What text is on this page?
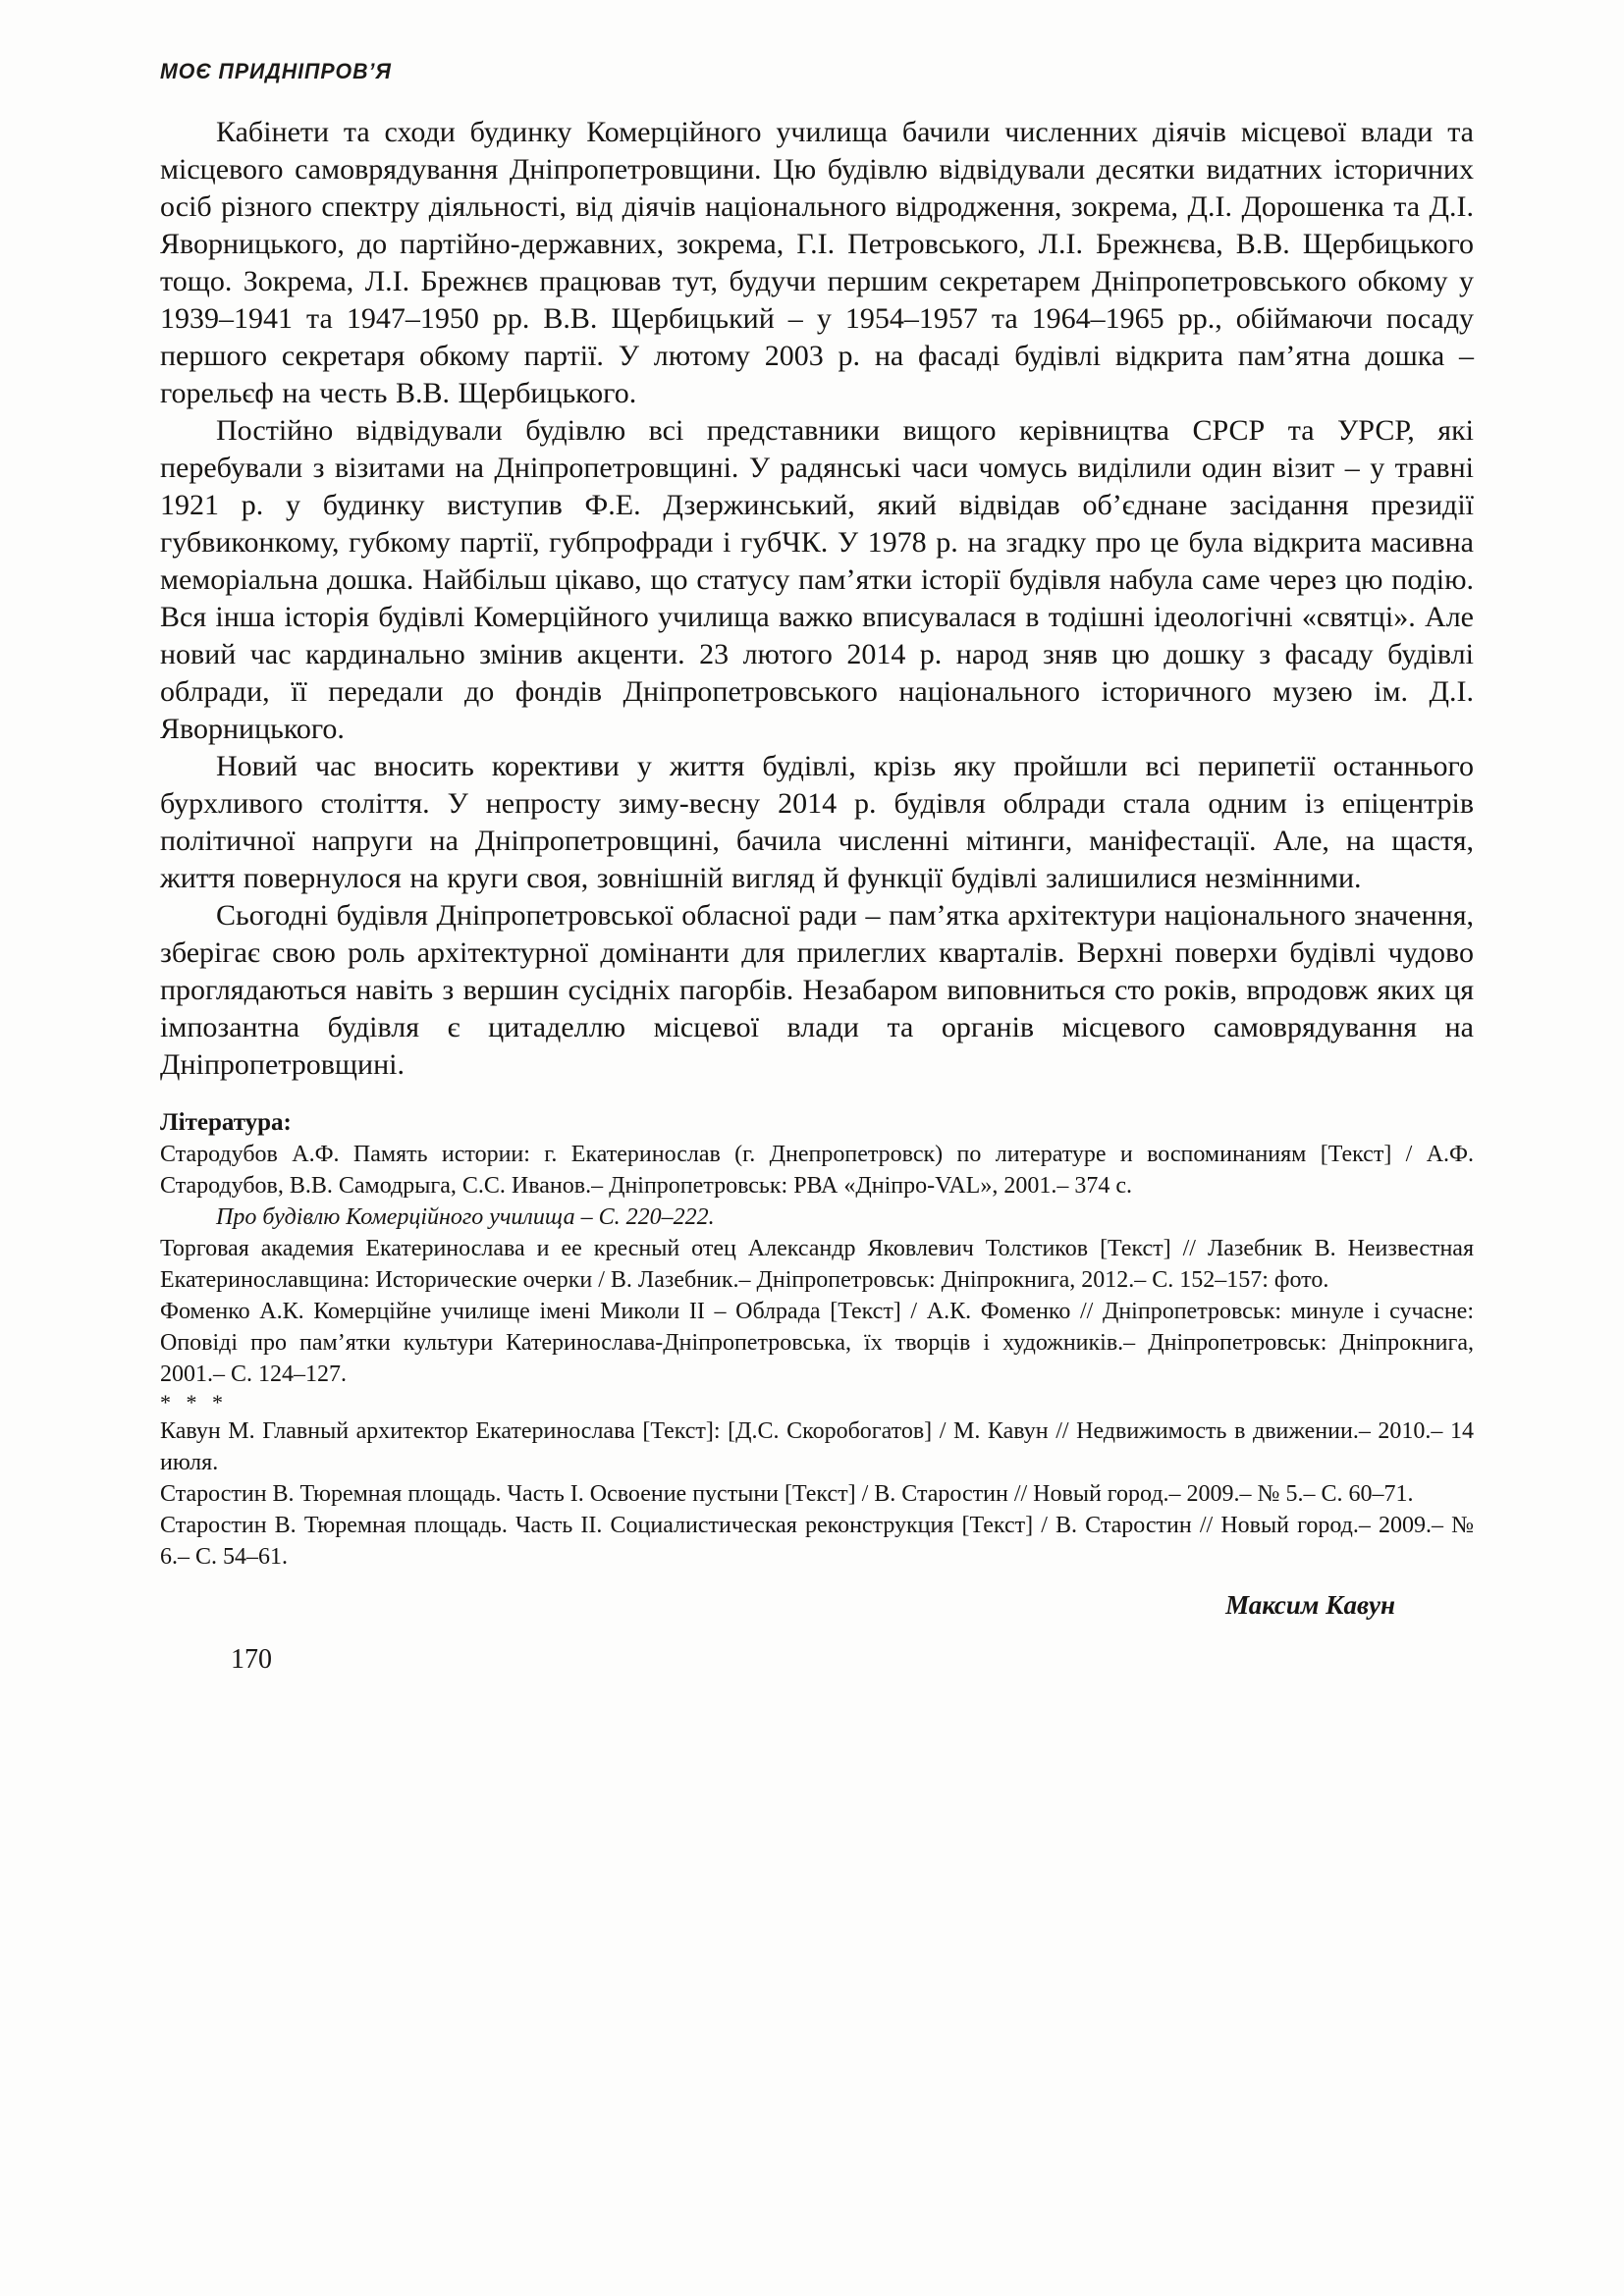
МОЄ ПРИДНІПРОВ’Я

Кабінети та сходи будинку Комерційного училища бачили численних діячів місцевої влади та місцевого самоврядування Дніпропетровщини. Цю будівлю відвідували десятки видатних історичних осіб різного спектру діяльності, від діячів національного відродження, зокрема, Д.І. Дорошенка та Д.І. Яворницького, до партійно-державних, зокрема, Г.І. Петровського, Л.І. Брежнєва, В.В. Щербицького тощо. Зокрема, Л.І. Брежнєв працював тут, будучи першим секретарем Дніпропетровського обкому у 1939–1941 та 1947–1950 рр. В.В. Щербицький – у 1954–1957 та 1964–1965 рр., обіймаючи посаду першого секретаря обкому партії. У лютому 2003 р. на фасаді будівлі відкрита пам’ятна дошка – горельєф на честь В.В. Щербицького.

Постійно відвідували будівлю всі представники вищого керівництва СРСР та УРСР, які перебували з візитами на Дніпропетровщині. У радянські часи чомусь виділили один візит – у травні 1921 р. у будинку виступив Ф.Е. Дзержинський, який відвідав об’єднане засідання президії губвиконкому, губкому партії, губпрофради і губЧК. У 1978 р. на згадку про це була відкрита масивна меморіальна дошка. Найбільш цікаво, що статусу пам’ятки історії будівля набула саме через цю подію. Вся інша історія будівлі Комерційного училища важко вписувалася в тодішні ідеологічні «святці». Але новий час кардинально змінив акценти. 23 лютого 2014 р. народ зняв цю дошку з фасаду будівлі облради, її передали до фондів Дніпропетровського національного історичного музею ім. Д.І. Яворницького.

Новий час вносить корективи у життя будівлі, крізь яку пройшли всі перипетії останнього бурхливого століття. У непросту зиму-весну 2014 р. будівля облради стала одним із епіцентрів політичної напруги на Дніпропетровщині, бачила численні мітинги, маніфестації. Але, на щастя, життя повернулося на круги своя, зовнішній вигляд й функції будівлі залишилися незмінними.

Сьогодні будівля Дніпропетровської обласної ради – пам’ятка архітектури національного значення, зберігає свою роль архітектурної домінанти для прилеглих кварталів. Верхні поверхи будівлі чудово проглядаються навіть з вершин сусідніх пагорбів. Незабаром виповниться сто років, впродовж яких ця імпозантна будівля є цитаделлю місцевої влади та органів місцевого самоврядування на Дніпропетровщині.

Література:

Стародубов А.Ф. Память истории: г. Екатеринослав (г. Днепропетровск) по литературе и воспоминаниям [Текст] / А.Ф. Стародубов, В.В. Самодрыга, С.С. Иванов.– Дніпропетровськ: РВА «Дніпро-VAL», 2001.– 374 с.

Про будівлю Комерційного училища – С. 220–222.

Торговая академия Екатеринослава и ее кресный отец Александр Яковлевич Толстиков [Текст] // Лазебник В. Неизвестная Екатеринославщина: Исторические очерки / В. Лазебник.– Дніпропетровськ: Дніпрокнига, 2012.– С. 152–157: фото.

Фоменко А.К. Комерційне училище імені Миколи II – Облрада [Текст] / А.К. Фоменко // Дніпропетровськ: минуле і сучасне: Оповіді про пам’ятки культури Катеринослава-Дніпропетровська, їх творців і художників.– Дніпропетровськ: Дніпрокнига, 2001.– С. 124–127.

* * *

Кавун М. Главный архитектор Екатеринослава [Текст]: [Д.С. Скоробогатов] / М. Кавун // Недвижимость в движении.– 2010.– 14 июля.

Старостин В. Тюремная площадь. Часть I. Освоение пустыни [Текст] / В. Старостин // Новый город.– 2009.– № 5.– С. 60–71.

Старостин В. Тюремная площадь. Часть II. Социалистическая реконструкция [Текст] / В. Старостин // Новый город.– 2009.– № 6.– С. 54–61.

Максим Кавун
170
